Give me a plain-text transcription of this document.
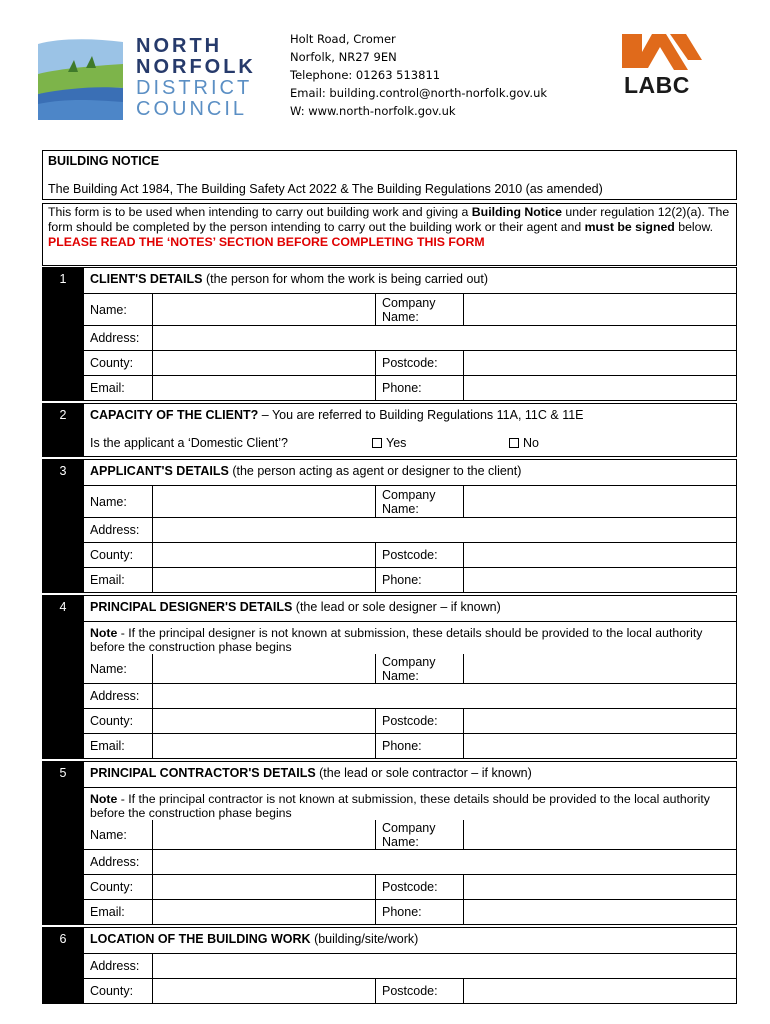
NORTH
NORFOLK
DISTRICT
COUNCIL
Holt Road, Cromer
Norfolk, NR27 9EN
Telephone: 01263 513811
Email: building.control@north-norfolk.gov.uk
W: www.north-norfolk.gov.uk
LABC
BUILDING NOTICE
The Building Act 1984, The Building Safety Act 2022 & The Building Regulations 2010 (as amended)
This form is to be used when intending to carry out building work and giving a Building Notice under regulation 12(2)(a). The form should be completed by the person intending to carry out the building work or their agent and must be signed below.
PLEASE READ THE ‘NOTES’ SECTION BEFORE COMPLETING THIS FORM
1	CLIENT'S DETAILS (the person for whom the work is being carried out)
Name:	Company Name:
Address:
County:	Postcode:
Email:	Phone:
2	CAPACITY OF THE CLIENT? – You are referred to Building Regulations 11A, 11C & 11E
Is the applicant a ‘Domestic Client’?	Yes	No
3	APPLICANT'S DETAILS (the person acting as agent or designer to the client)
Name:	Company Name:
Address:
County:	Postcode:
Email:	Phone:
4	PRINCIPAL DESIGNER'S DETAILS (the lead or sole designer – if known)
Note - If the principal designer is not known at submission, these details should be provided to the local authority before the construction phase begins
Name:	Company Name:
Address:
County:	Postcode:
Email:	Phone:
5	PRINCIPAL CONTRACTOR'S DETAILS (the lead or sole contractor – if known)
Note - If the principal contractor is not known at submission, these details should be provided to the local authority before the construction phase begins
Name:	Company Name:
Address:
County:	Postcode:
Email:	Phone:
6	LOCATION OF THE BUILDING WORK (building/site/work)
Address:
County:	Postcode:
